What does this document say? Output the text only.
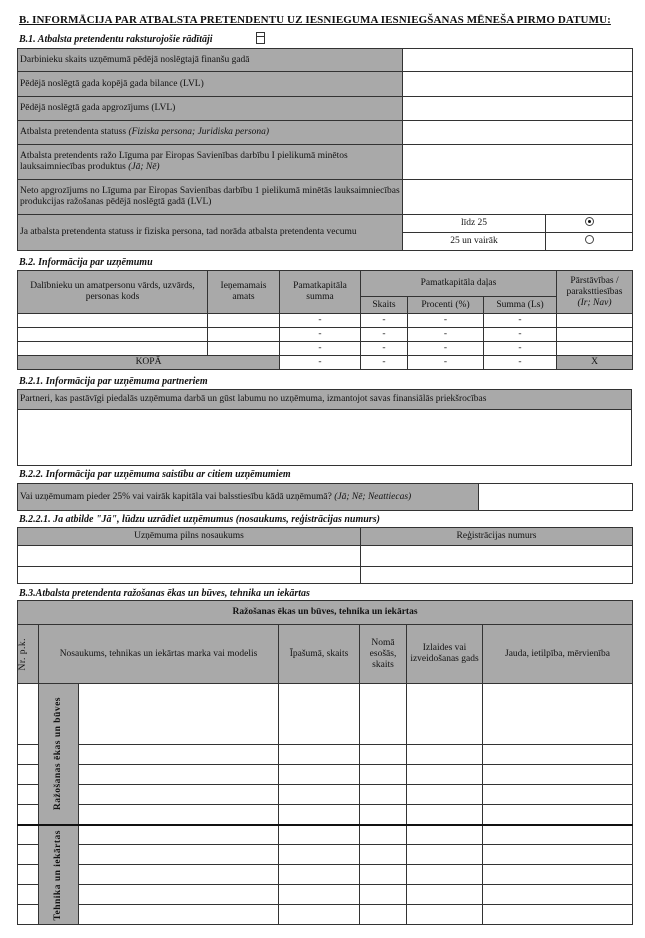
B. INFORMĀCIJA PAR ATBALSTA PRETENDENTU UZ IESNIEGUMA IESNIEGŠANAS MĒNEŠA PIRMO DATUMU:
B.1. Atbalsta pretendentu raksturojošie rādītāji
Darbinieku skaits uzņēmumā pēdējā noslēgtajā finanšu gadā		
Pēdējā noslēgtā gada kopējā gada bilance (LVL)		
Pēdējā noslēgtā gada apgrozījums (LVL)		
Atbalsta pretendenta statuss (Fiziska persona; Juridiska persona)		
Atbalsta pretendents ražo Līguma par Eiropas Savienības darbību I pielikumā minētos lauksaimniecības produktus (Jā; Nē)		
Neto apgrozījums no Līguma par Eiropas Savienības darbību 1 pielikumā minētās lauksaimniecības produkcijas ražošanas pēdējā noslēgtā gadā (LVL)		
Ja atbalsta pretendenta statuss ir fiziska persona, tad norāda atbalsta pretendenta vecumu	līdz 25	
	25 un vairāk	
B.2. Informācija par uzņēmumu
Dalībnieku un amatpersonu vārds, uzvārds, personas kods	Ieņemamais amats	Pamatkapitāla summa	Pamatkapitāla daļas			Pārstāvības / paraksttiesības
(Ir; Nav)
			Skaits	Procenti (%)	Summa (Ls)	
		-	-	-	-	
		-	-	-	-	
		-	-	-	-	
KOPĀ		-	-	-	-	X
B.2.1. Informācija par uzņēmuma partneriem
Partneri, kas pastāvīgi piedalās uzņēmuma darbā un gūst labumu no uzņēmuma, izmantojot savas finansiālās priekšrocības

B.2.2. Informācija par uzņēmuma saistību ar citiem uzņēmumiem
Vai uzņēmumam pieder 25% vai vairāk kapitāla vai balsstiesību kādā uzņēmumā? (Jā; Nē; Neattiecas)	
B.2.2.1. Ja atbilde "Jā", lūdzu uzrādiet uzņēmumus (nosaukums, reģistrācijas numurs)
Uzņēmuma pilns nosaukums	Reģistrācijas numurs

B.3.Atbalsta pretendenta ražošanas ēkas un būves, tehnika un iekārtas
Ražošanas ēkas un būves, tehnika un iekārtas						

Nr. p.k.	Nosaukums, tehnikas un iekārtas marka vai modelis		Īpašumā, skaits	Nomā esošās, skaits	Izlaides vai izveidošanas gads	Jauda, ietilpība, mērvienība

	Ražošanas ēkas un būves					

	Tehnika un iekārtas					
